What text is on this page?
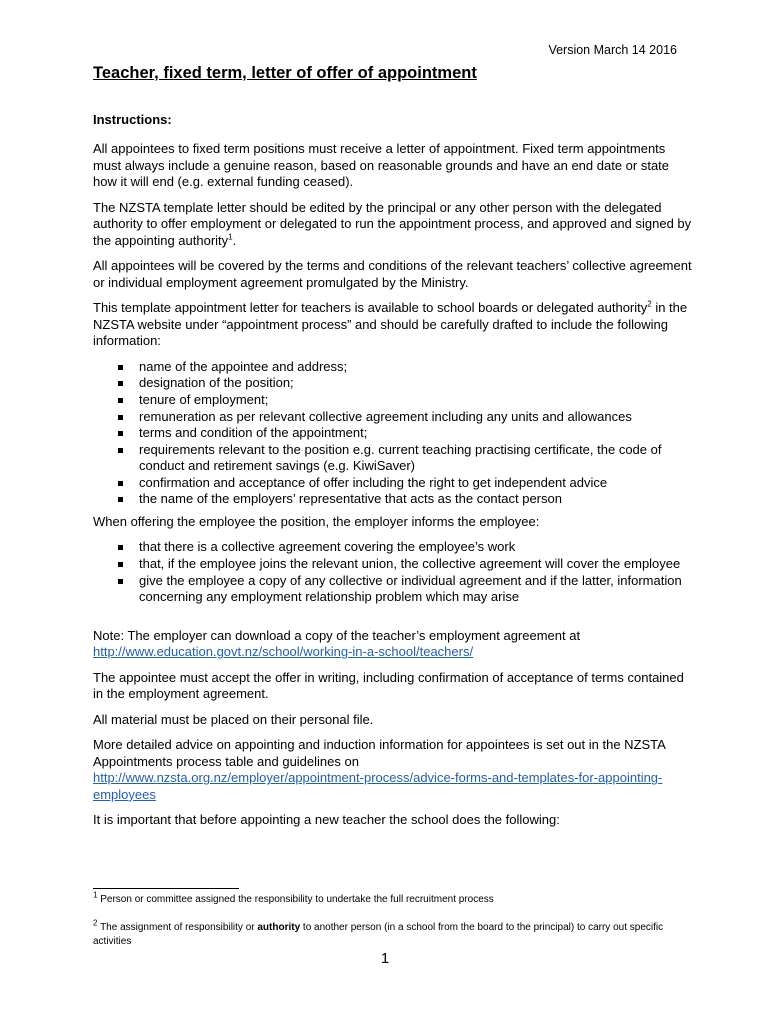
Version March 14 2016
Teacher, fixed term, letter of offer of appointment
Instructions:

All appointees to fixed term positions must receive a letter of appointment. Fixed term appointments must always include a genuine reason, based on reasonable grounds and have an end date or state how it will end (e.g. external funding ceased).

The NZSTA template letter should be edited by the principal or any other person with the delegated authority to offer employment or delegated to run the appointment process, and approved and signed by the appointing authority$^1$.

All appointees will be covered by the terms and conditions of the relevant teachers’ collective agreement or individual employment agreement promulgated by the Ministry.

This template appointment letter for teachers is available to school boards or delegated authority$^2$ in the NZSTA website under “appointment process” and should be carefully drafted to include the following information:

name of the appointee and address;
designation of the position;
tenure of employment;
remuneration as per relevant collective agreement including any units and allowances
terms and condition of the appointment;
requirements relevant to the position e.g. current teaching practising certificate, the code of conduct and retirement savings (e.g. KiwiSaver)
confirmation and acceptance of offer including the right to get independent advice
the name of the employers’ representative that acts as the contact person

When offering the employee the position, the employer informs the employee:

that there is a collective agreement covering the employee’s work
that, if the employee joins the relevant union, the collective agreement will cover the employee
give the employee a copy of any collective or individual agreement and if the latter, information concerning any employment relationship problem which may arise

Note: The employer can download a copy of the teacher’s employment agreement at
http://www.education.govt.nz/school/working-in-a-school/teachers/

The appointee must accept the offer in writing, including confirmation of acceptance of terms contained in the employment agreement.

All material must be placed on their personal file.

More detailed advice on appointing and induction information for appointees is set out in the NZSTA Appointments process table and guidelines on
http://www.nzsta.org.nz/employer/appointment-process/advice-forms-and-templates-for-appointing-employees

It is important that before appointing a new teacher the school does the following:

$^1$ Person or committee assigned the responsibility to undertake the full recruitment process
$^2$ The assignment of responsibility or authority to another person (in a school from the board to the principal) to carry out specific activities
1
